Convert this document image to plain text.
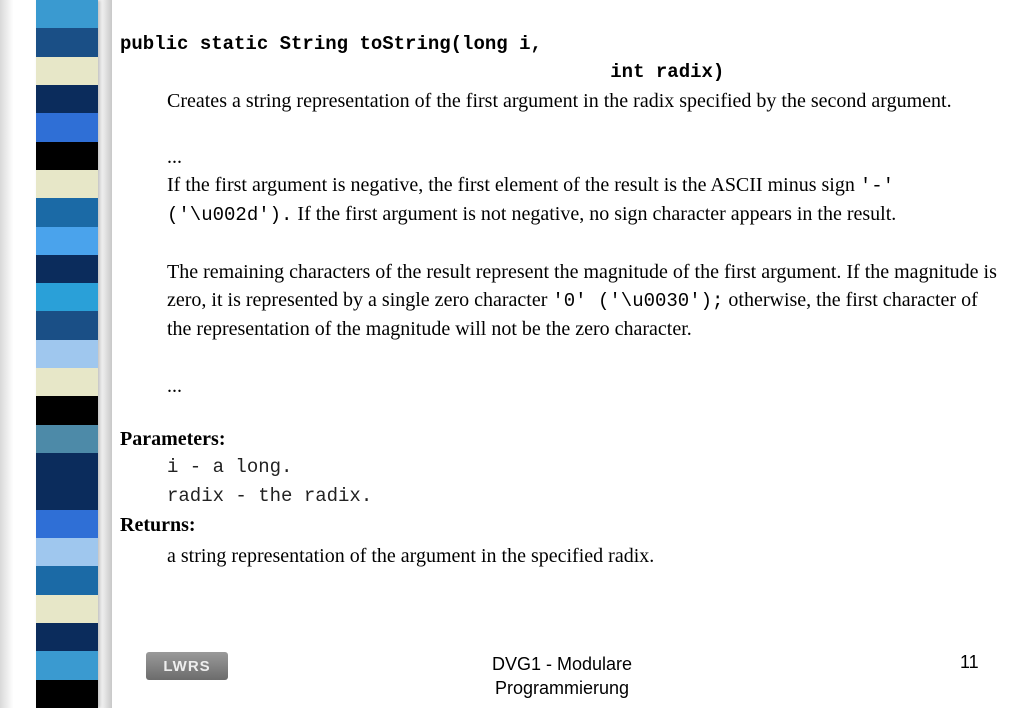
public static String toString(long i,
int radix)
Creates a string representation of the first argument in the radix specified by the second argument.
...
If the first argument is negative, the first element of the result is the ASCII minus sign '-' ('\u002d'). If the first argument is not negative, no sign character appears in the result.
The remaining characters of the result represent the magnitude of the first argument. If the magnitude is zero, it is represented by a single zero character '0' ('\u0030'); otherwise, the first character of the representation of the magnitude will not be the zero character.
...
Parameters:
i - a long.
radix - the radix.
Returns:
a string representation of the argument in the specified radix.
LWRS	DVG1 - Modulare Programmierung
11
